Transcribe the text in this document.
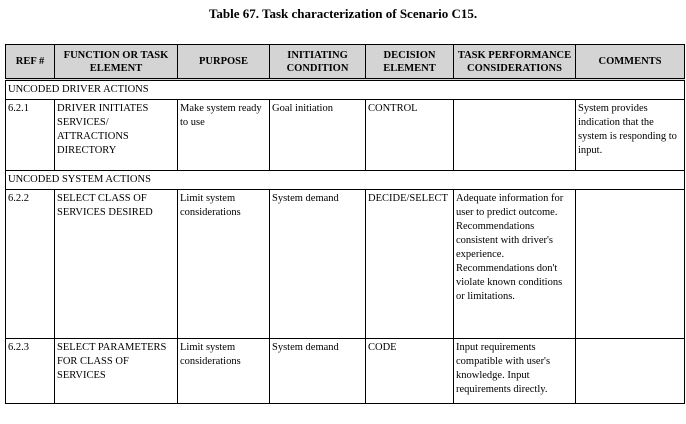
Table 67. Task characterization of Scenario C15.
REF #	FUNCTION OR TASK ELEMENT	PURPOSE	INITIATING CONDITION	DECISION ELEMENT	TASK PERFORMANCE CONSIDERATIONS	COMMENTS
UNCODED DRIVER ACTIONS						
6.2.1	DRIVER INITIATES SERVICES/ ATTRACTIONS DIRECTORY	Make system ready to use	Goal initiation	CONTROL		System provides indication that the system is responding to input.
UNCODED SYSTEM ACTIONS						
6.2.2	SELECT CLASS OF SERVICES DESIRED	Limit system considerations	System demand	DECIDE/SELECT	Adequate information for user to predict outcome. Recommendations consistent with driver's experience. Recommendations don't violate known conditions or limitations.	
6.2.3	SELECT PARAMETERS FOR CLASS OF SERVICES	Limit system considerations	System demand	CODE	Input requirements compatible with user's knowledge. Input requirements directly.	
